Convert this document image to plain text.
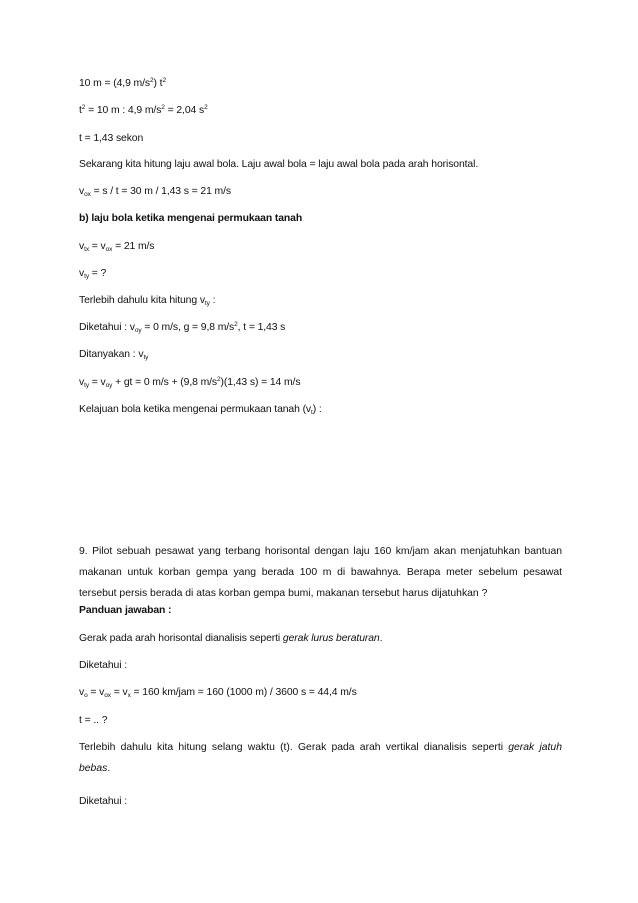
10 m = (4,9 $m/s^2$) $t^2$
$t^2 = 10$ m : 4,9 $m/s^2 = 2,04$ $s^2$
t = 1,43 sekon
Sekarang kita hitung laju awal bola. Laju awal bola = laju awal bola pada arah horisontal.
$v_{ox} = s / t = 30$ m / 1,43 s = 21 m/s
b) laju bola ketika mengenai permukaan tanah
$v_{tx} = v_{ox} = 21$ m/s
$v_{ty}$ = ?
Terlebih dahulu kita hitung $v_{ty}$ :
Diketahui : $v_{oy} = 0$ m/s, g = 9,8 $m/s^2$, t = 1,43 s
Ditanyakan : $v_{ty}$
$v_{ty} = v_{oy}$ + gt = 0 m/s + (9,8 $m/s^2)(1,43$ s) = 14 m/s
Kelajuan bola ketika mengenai permukaan tanah $(v_t)$ :
9. Pilot sebuah pesawat yang terbang horisontal dengan laju 160 km/jam akan menjatuhkan bantuan makanan untuk korban gempa yang berada 100 m di bawahnya. Berapa meter sebelum pesawat tersebut persis berada di atas korban gempa bumi, makanan tersebut harus dijatuhkan ?
Panduan jawaban :
Gerak pada arah horisontal dianalisis seperti gerak lurus beraturan.
Diketahui :
$v_o = v_{ox} = v_x = 160$ km/jam = 160 (1000 m) / 3600 s = 44,4 m/s
t = .. ?
Terlebih dahulu kita hitung selang waktu (t). Gerak pada arah vertikal dianalisis seperti gerak jatuh bebas.
Diketahui :
